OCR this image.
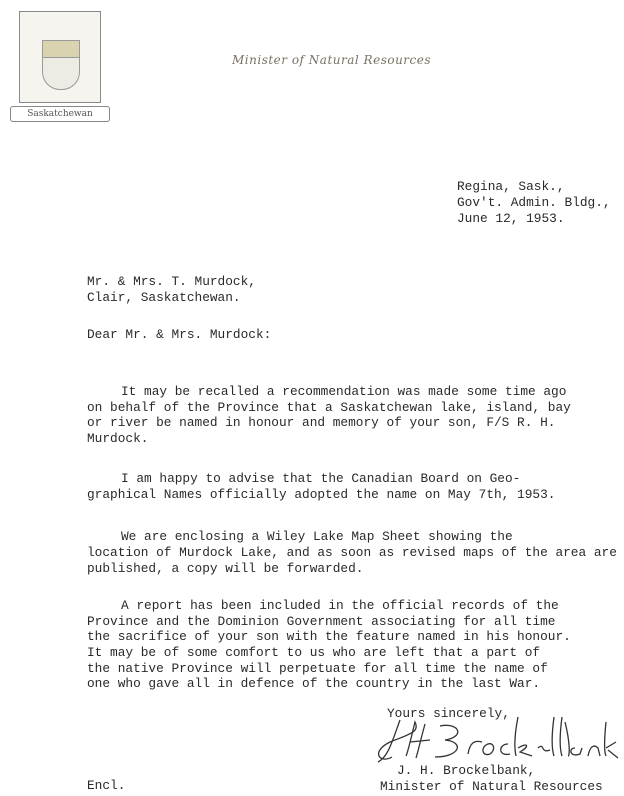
Saskatchewan
Minister of Natural Resources
Regina, Sask.,
Gov't. Admin. Bldg.,
June 12, 1953.
Mr. & Mrs. T. Murdock,
Clair, Saskatchewan.
Dear Mr. & Mrs. Murdock:
It may be recalled a recommendation was made some time ago
on behalf of the Province that a Saskatchewan lake, island, bay
or river be named in honour and memory of your son, F/S R. H.
Murdock.
I am happy to advise that the Canadian Board on Geo-
graphical Names officially adopted the name on May 7th, 1953.
We are enclosing a Wiley Lake Map Sheet showing the
location of Murdock Lake, and as soon as revised maps of the area are
published, a copy will be forwarded.
A report has been included in the official records of the
Province and the Dominion Government associating for all time
the sacrifice of your son with the feature named in his honour.
It may be of some comfort to us who are left that a part of
the native Province will perpetuate for all time the name of
one who gave all in defence of the country in the last War.
Yours sincerely,
J. H. Brockelbank,
Minister of Natural Resources
Encl.
